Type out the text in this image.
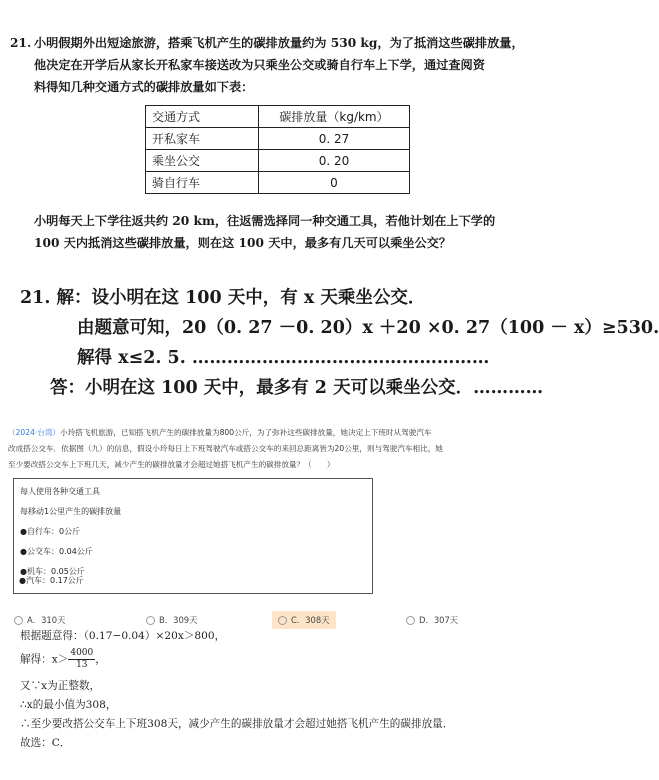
21. 小明假期外出短途旅游，搭乘飞机产生的碳排放量约为 530 kg，为了抵消这些碳排放量，
他决定在开学后从家长开私家车接送改为只乘坐公交或骑自行车上下学，通过查阅资
料得知几种交通方式的碳排放量如下表：
交通方式	碳排放量（kg/km）
开私家车	0. 27
乘坐公交	0. 20
骑自行车	0
小明每天上下学往返共约 20 km，往返需选择同一种交通工具，若他计划在上下学的
100 天内抵消这些碳排放量，则在这 100 天中，最多有几天可以乘坐公交？
21. 解：设小明在这 100 天中，有 x 天乘坐公交．
由题意可知，20（0. 27 －0. 20）x ＋20 ×0. 27（100 － x）≥530.
解得 x≤2. 5. ……………………………………………
答：小明在这 100 天中，最多有 2 天可以乘坐公交．…………
（2024·台湾）小玲搭飞机旅游，已知搭飞机产生的碳排放量为800公斤，为了弥补这些碳排放量，她决定上下班时从驾驶汽车
改成搭公交车．依据图（九）的信息，假设小玲每日上下班驾驶汽车或搭公交车的来回总距离皆为20公里，则与驾驶汽车相比，她
至少要改搭公交车上下班几天，减少产生的碳排放量才会超过她搭飞机产生的碳排放量？（　　）
每人使用各种交通工具
每移动1公里产生的碳排放量
●自行车：0公斤
●公交车：0.04公斤
●机车：0.05公斤
●汽车：0.17公斤
A．310天	B．309天	C．308天	D．307天
根据题意得：（0.17−0.04）×20x＞800，
解得：$x> \frac{4000}{13}$ ，
又∵x为正整数，
∴x的最小值为308，
∴至少要改搭公交车上下班308天，减少产生的碳排放量才会超过她搭飞机产生的碳排放量．
故选：C．
